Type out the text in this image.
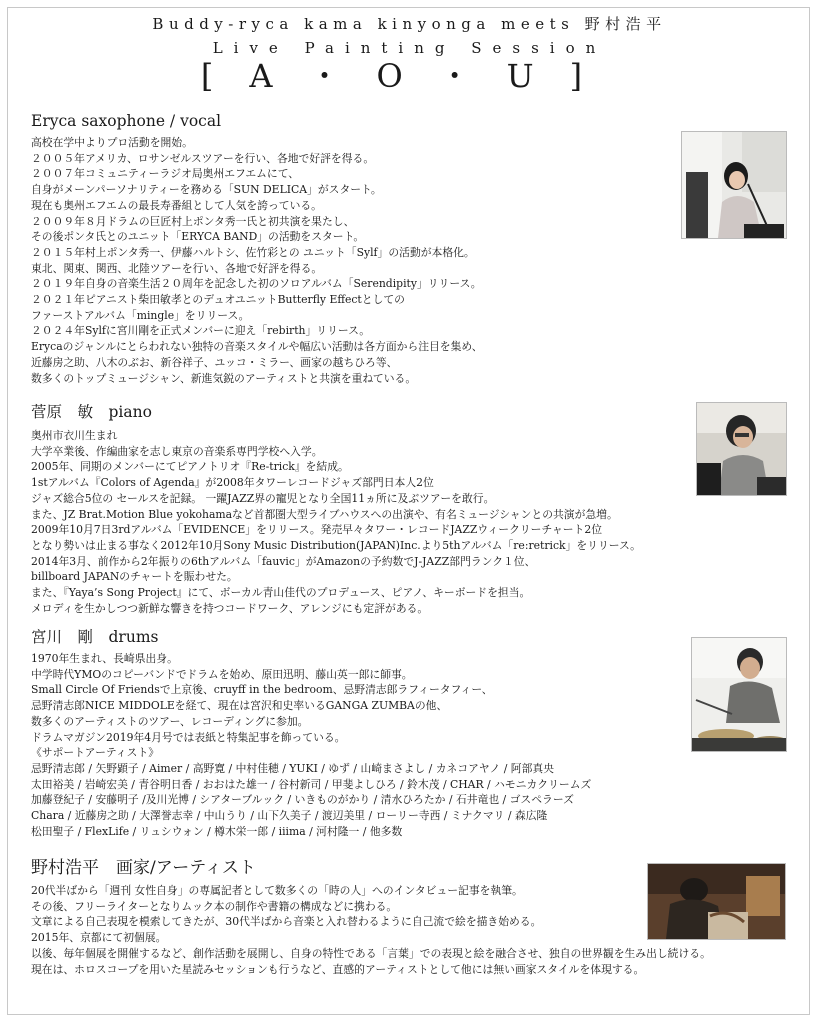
Buddy-ryca kama kinyonga meets 野村浩平
Live Painting Session
[A・O・U]
Eryca saxophone / vocal
高校在学中よりプロ活動を開始。
２００５年アメリカ、ロサンゼルスツアーを行い、各地で好評を得る。
２００７年コミュニティーラジオ局奥州エフエムにて、
自身がメーンパーソナリティーを務める「SUN DELICA」がスタート。
現在も奥州エフエムの最長寿番組として人気を誇っている。
２００９年８月ドラムの巨匠村上ポンタ秀一氏と初共演を果たし、
その後ポンタ氏とのユニット「ERYCA BAND」の活動をスタート。
２０１５年村上ポンタ秀一、伊藤ハルトシ、佐竹彩との ユニット「Sylf」の活動が本格化。
東北、関東、関西、北陸ツアーを行い、各地で好評を得る。
２０１９年自身の音楽生活２０周年を記念した初のソロアルバム「Serendipity」リリース。
２０２１年ピアニスト柴田敏孝とのデュオユニットButterfly Effectとしての
ファーストアルバム「mingle」をリリース。
２０２４年Sylfに宮川剛を正式メンバーに迎え「rebirth」リリース。
Erycaのジャンルにとらわれない独特の音楽スタイルや幅広い活動は各方面から注目を集め、
近藤房之助、八木のぶお、新谷祥子、ユッコ・ミラー、画家の越ちひろ等、
数多くのトップミュージシャン、新進気鋭のアーティストと共演を重ねている。
菅原　敏　piano
奥州市衣川生まれ
大学卒業後、作編曲家を志し東京の音楽系専門学校へ入学。
2005年、同期のメンバーにてピアノトリオ『Re-trick』を結成。
1stアルバム『Colors of Agenda』が2008年タワーレコードジャズ部門日本人2位
ジャズ総合5位の セールスを記録。 一躍JAZZ界の寵児となり全国11ヵ所に及ぶツアーを敢行。
また、JZ Brat.Motion Blue yokohamaなど首都圏大型ライブハウスへの出演や、有名ミュージシャンとの共演が急増。
2009年10月7日3rdアルバム「EVIDENCE」をリリース。発売早々タワー・レコードJAZZウィークリーチャート2位
となり勢いは止まる事なく2012年10月Sony Music Distribution(JAPAN)Inc.より5thアルバム「re:retrick」をリリース。
2014年3月、前作から2年振りの6thアルバム「fauvic」がAmazonの予約数でJ-JAZZ部門ランク１位、
billboard JAPANのチャートを賑わせた。
また、『Yaya’s Song Project』にて、ボーカル青山佳代のプロデュース、ピアノ、キーボードを担当。
メロディを生かしつつ新鮮な響きを持つコードワーク、アレンジにも定評がある。
宮川　剛　drums
1970年生まれ、長崎県出身。
中学時代YMOのコピーバンドでドラムを始め、原田迅明、藤山英一郎に師事。
Small Circle Of Friendsで上京後、cruyff in the bedroom、忌野清志郎ラフィータフィー、
忌野清志郎NICE MIDDOLEを経て、現在は宮沢和史率いるGANGA ZUMBAの他、
数多くのアーティストのツアー、レコーディングに参加。
ドラムマガジン2019年4月号では表紙と特集記事を飾っている。
《サポートアーティスト》
忌野清志郎 / 矢野顕子 / Aimer / 高野寛 / 中村佳穂 / YUKI / ゆず / 山崎まさよし / カネコアヤノ / 阿部真央
太田裕美 / 岩崎宏美 / 青谷明日香 / おおはた雄一 / 谷村新司 / 甲斐よしひろ / 鈴木茂 / CHAR / ハモニカクリームズ
加藤登紀子 / 安藤明子 /及川光博 / シアターブルック / いきものがかり / 清水ひろたか / 石井竜也 / ゴスペラーズ
Chara / 近藤房之助 / 大澤誉志幸 / 中山うり / 山下久美子 / 渡辺美里 / ローリー寺西 / ミナクマリ / 森広隆
松田聖子 / FlexLife / リュシウォン / 樽木栄一郎 / iiima / 河村隆一 / 他多数
野村浩平　画家/アーティスト
20代半ばから「週刊 女性自身」の専属記者として数多くの「時の人」へのインタビュー記事を執筆。
その後、フリーライターとなりムック本の制作や書籍の構成などに携わる。
文章による自己表現を模索してきたが、30代半ばから音楽と入れ替わるように自己流で絵を描き始める。
2015年、京都にて初個展。
以後、毎年個展を開催するなど、創作活動を展開し、自身の特性である「言葉」での表現と絵を融合させ、独自の世界観を生み出し続ける。
現在は、ホロスコープを用いた星読みセッションも行うなど、直感的アーティストとして他には無い画家スタイルを体現する。
